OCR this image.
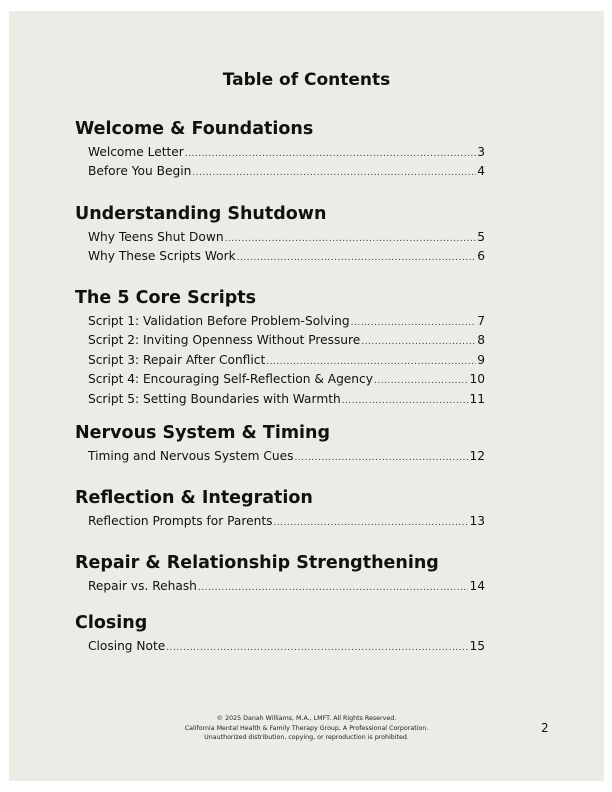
Table of Contents
Welcome & Foundations
Welcome Letter .....	3
Before You Begin .....	4
Understanding Shutdown
Why Teens Shut Down .....	5
Why These Scripts Work .....	6
The 5 Core Scripts
Script 1: Validation Before Problem-Solving .....	7
Script 2: Inviting Openness Without Pressure .....	8
Script 3: Repair After Conflict .....	9
Script 4: Encouraging Self-Reflection & Agency .....	10
Script 5: Setting Boundaries with Warmth .....	11
Nervous System & Timing
Timing and Nervous System Cues .....	12
Reflection & Integration
Reflection Prompts for Parents .....	13
Repair & Relationship Strengthening
Repair vs. Rehash .....	14
Closing
Closing Note .....	15
© 2025 Danah Williams, M.A., LMFT. All Rights Reserved.
California Mental Health & Family Therapy Group, A Professional Corporation.
Unauthorized distribution, copying, or reproduction is prohibited.
2
